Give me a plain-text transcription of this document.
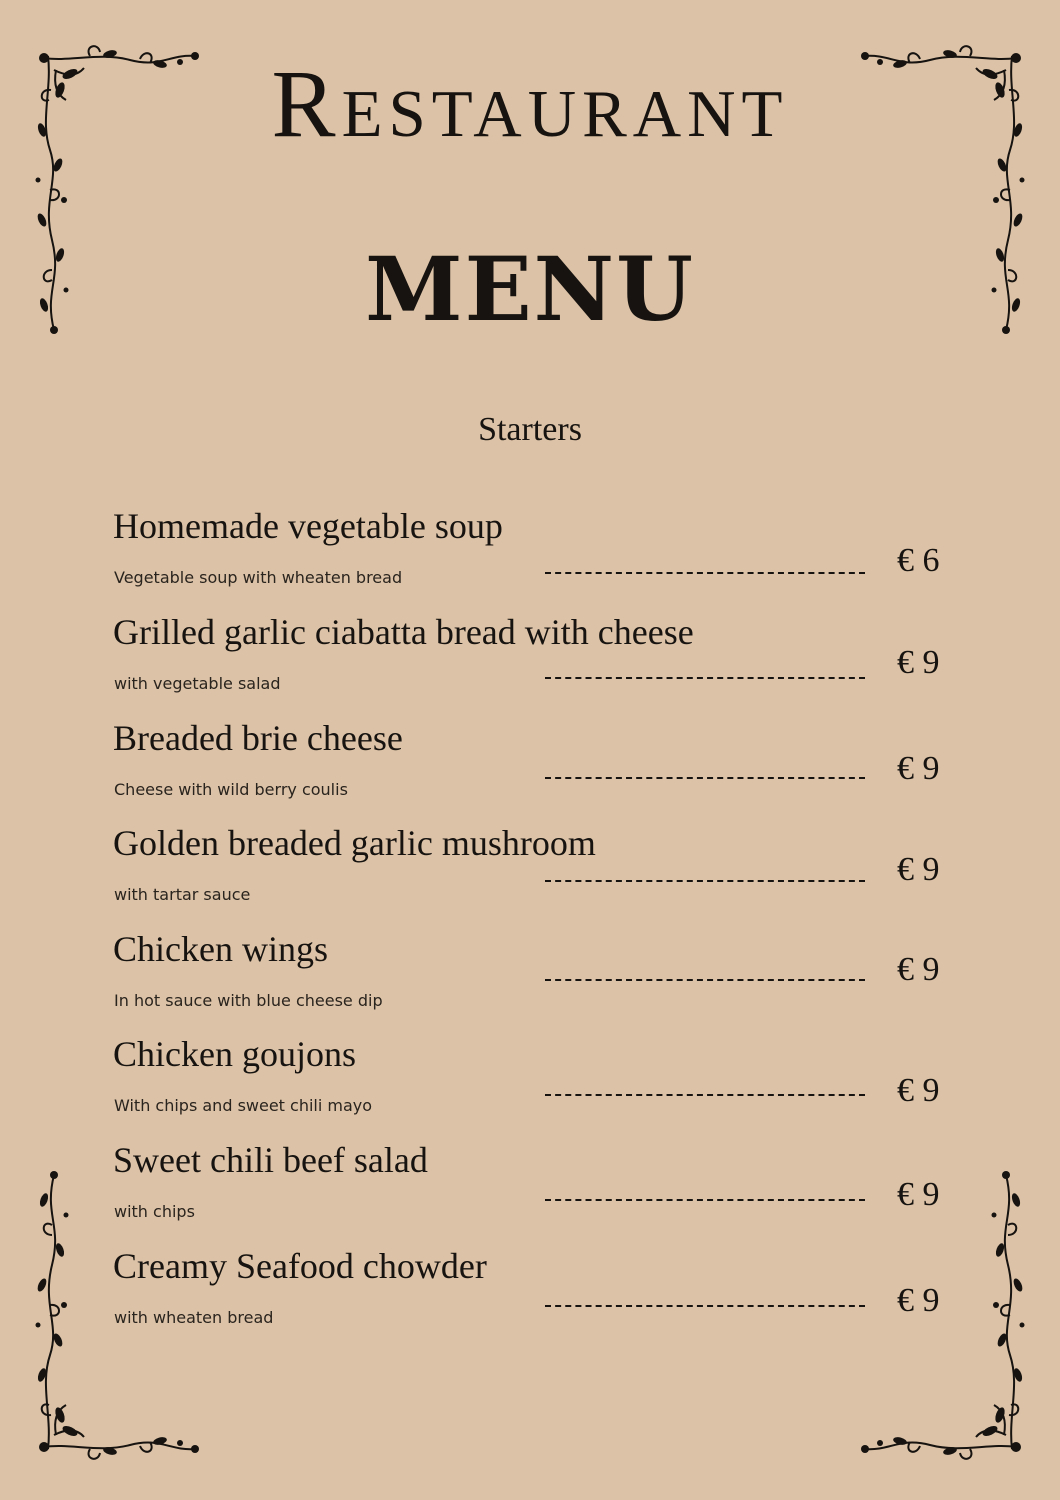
Restaurant
MENU
Starters
Homemade vegetable soup
Vegetable soup with wheaten bread	€ 6
Grilled garlic ciabatta bread with cheese
with vegetable salad
€ 9
Breaded brie cheese
Cheese with wild berry coulis
€ 9
Golden breaded garlic mushroom
with tartar sauce
€ 9
Chicken wings
In hot sauce with blue cheese dip
€ 9
Chicken goujons
With chips and sweet chili mayo	€ 9
Sweet chili beef salad
with chips	€ 9
Creamy Seafood chowder
with wheaten bread	€ 9
